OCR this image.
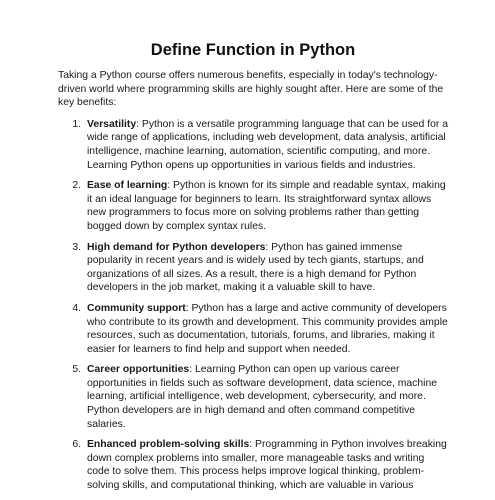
Define Function in Python

Taking a Python course offers numerous benefits, especially in today's technology-driven world where programming skills are highly sought after. Here are some of the key benefits:

1. Versatility: Python is a versatile programming language that can be used for a wide range of applications, including web development, data analysis, artificial intelligence, machine learning, automation, scientific computing, and more. Learning Python opens up opportunities in various fields and industries.
2. Ease of learning: Python is known for its simple and readable syntax, making it an ideal language for beginners to learn. Its straightforward syntax allows new programmers to focus more on solving problems rather than getting bogged down by complex syntax rules.
3. High demand for Python developers: Python has gained immense popularity in recent years and is widely used by tech giants, startups, and organizations of all sizes. As a result, there is a high demand for Python developers in the job market, making it a valuable skill to have.
4. Community support: Python has a large and active community of developers who contribute to its growth and development. This community provides ample resources, such as documentation, tutorials, forums, and libraries, making it easier for learners to find help and support when needed.
5. Career opportunities: Learning Python can open up various career opportunities in fields such as software development, data science, machine learning, artificial intelligence, web development, cybersecurity, and more. Python developers are in high demand and often command competitive salaries.
6. Enhanced problem-solving skills: Programming in Python involves breaking down complex problems into smaller, more manageable tasks and writing code to solve them. This process helps improve logical thinking, problem-solving skills, and computational thinking, which are valuable in various
